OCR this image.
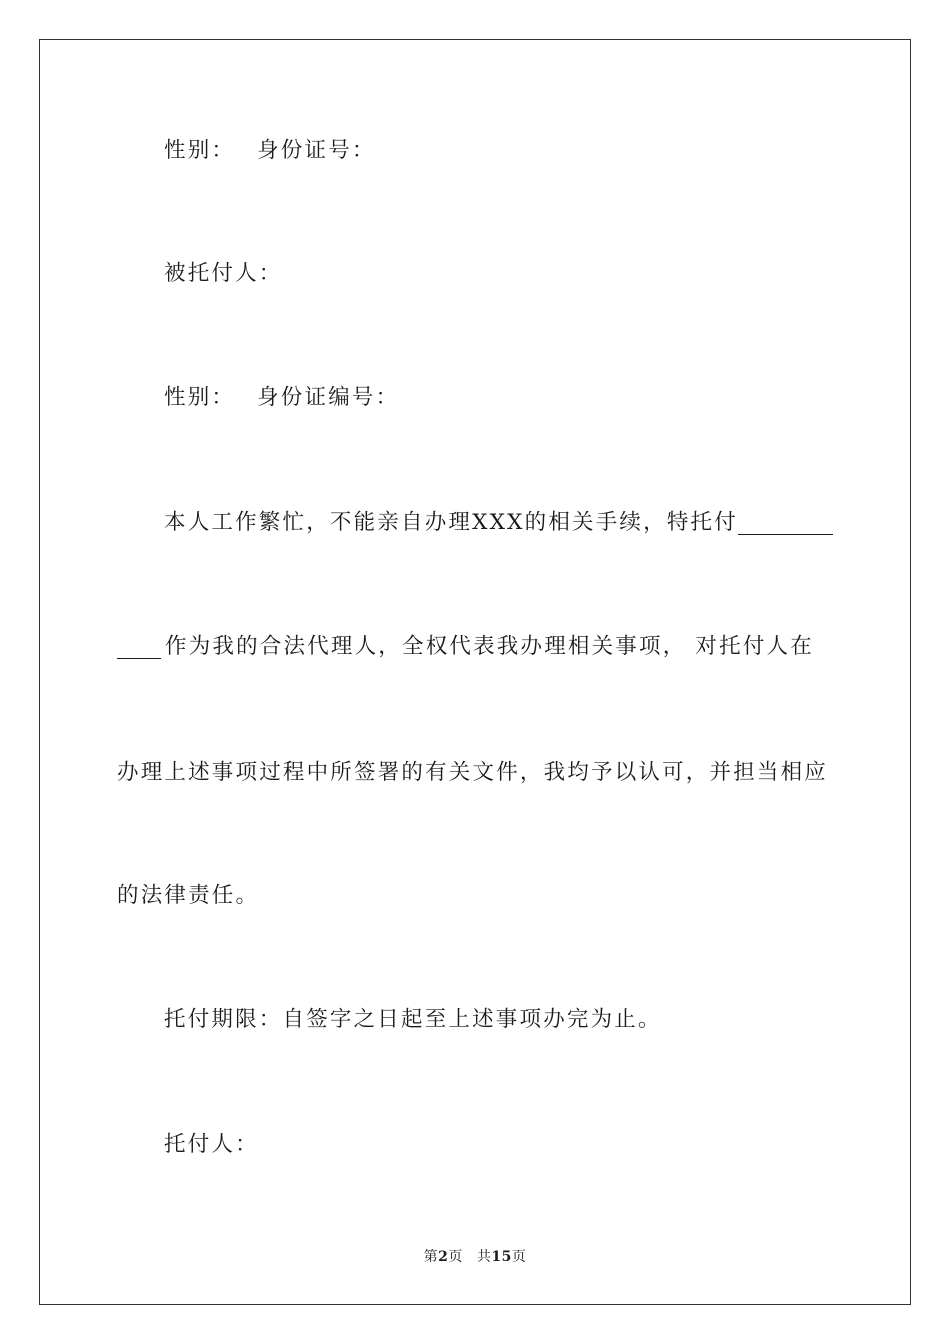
性别： 身份证号：
被托付人：
性别： 身份证编号：
本人工作繁忙，不能亲自办理XXX的相关手续，特托付
作为我的合法代理人，全权代表我办理相关事项， 对托付人在
办理上述事项过程中所签署的有关文件，我均予以认可，并担当相应
的法律责任。
托付期限：自签字之日起至上述事项办完为止。
托付人：
第2页 共15页
